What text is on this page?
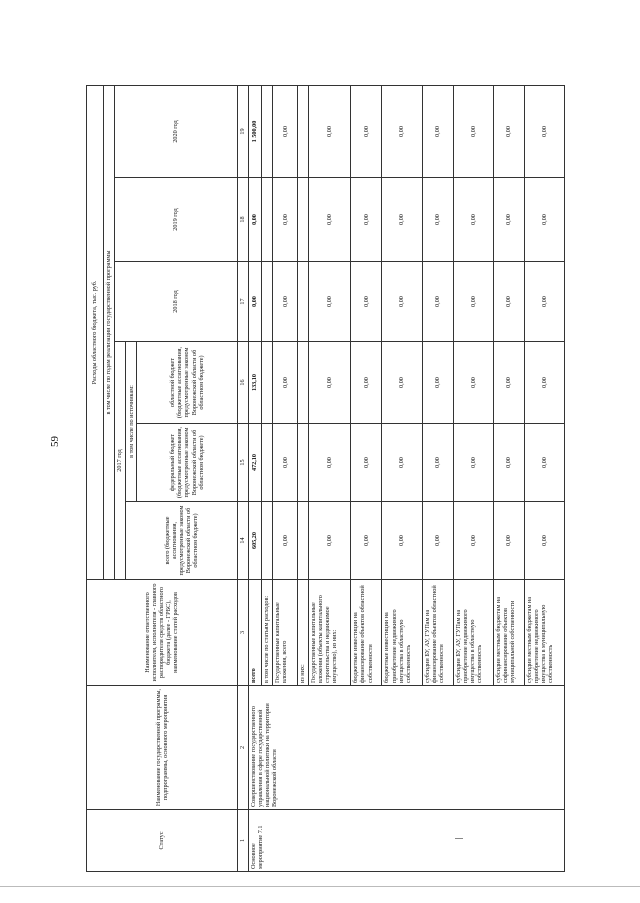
59
Статус	Наименование государственной программы, подпрограммы, основного мероприятия	Наименование ответственного исполнителя, исполнителя - главного распорядителя средств областного бюджета (далее - ГРБС), наименование статей расходов	Расходы областного бюджета, тыс. руб.					
			в том числе по годам реализации государственной программы					
			2017 год			2018 год	2019 год	2020 год
			всего (бюджетные ассигнования, предусмотренные законом Воронежской области об областном бюджете)	в том числе по источникам:				
				федеральный бюджет (бюджетные ассигнования, предусмотренные законом Воронежской области об областном бюджете)	областной бюджет (бюджетные ассигнования, предусмотренные законом Воронежской области об областном бюджете)			
1	2	3	14	15	16	17	18	19
Основное мероприятие 7.1	Совершенствование государственного управления в сфере государственной национальной политики на территории Воронежской области	всего	605,20	472,10	133,10	0,00	0,00	1 500,00
		в том числе по статьям расходов:						
		Государственные капитальные вложения, всего	0,00	0,00	0,00	0,00	0,00	0,00
		из них:						
		Государственные капитальные вложения (объекты капитального строительства и недвижимое имущество), из них:	0,00	0,00	0,00	0,00	0,00	0,00
		бюджетные инвестиции на финансирование объектов областной собственности	0,00	0,00	0,00	0,00	0,00	0,00
		бюджетные инвестиции на приобретение недвижимого имущества в областную собственность	0,00	0,00	0,00	0,00	0,00	0,00
		субсидии БУ, АУ, ГУПам на финансирование объектов областной собственности	0,00	0,00	0,00	0,00	0,00	0,00
		субсидии БУ, АУ, ГУПам на приобретение недвижимого имущества в областную собственность	0,00	0,00	0,00	0,00	0,00	0,00
		субсидии местным бюджетам на софинансирование объектов муниципальной собственности	0,00	0,00	0,00	0,00	0,00	0,00
		субсидии местным бюджетам на приобретение недвижимого имущества в муниципальную собственность	0,00	0,00	0,00	0,00	0,00	0,00
